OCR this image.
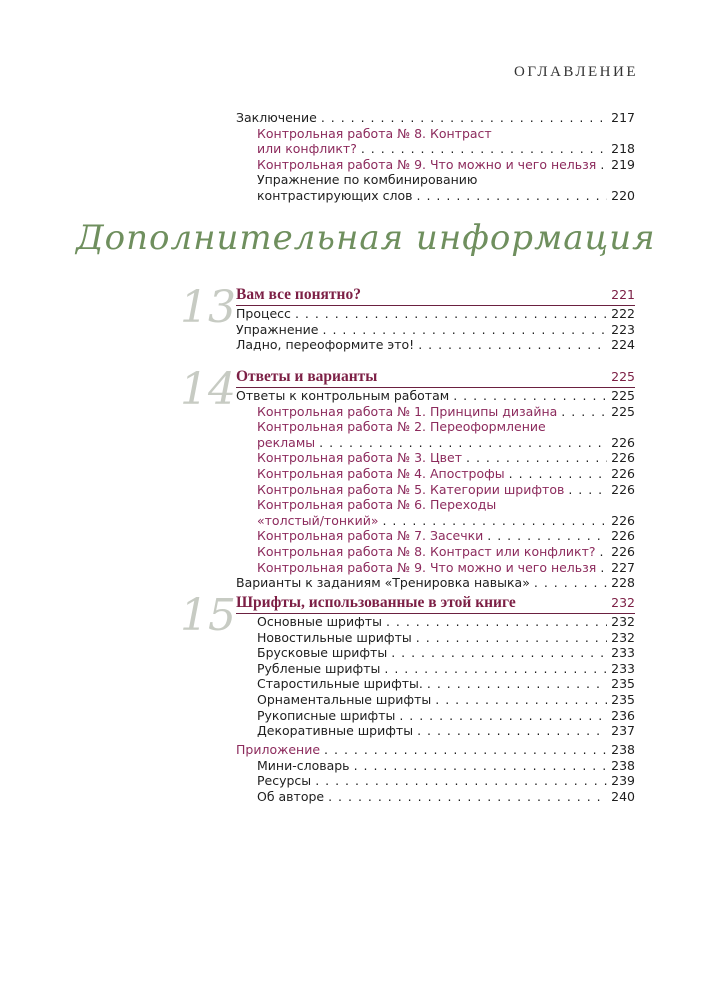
ОГЛАВЛЕНИЕ
Заключение . . .	217
Контрольная работа № 8. Контраст
или конфликт? . . .	218
Контрольная работа № 9. Что можно и чего нельзя . . . 219
Упражнение по комбинированию
контрастирующих слов . . .	220
Дополнительная информация
13 Вам все понятно?	221
Процесс . . .	222
Упражнение . . .	223
Ладно, переоформите это! . . .	224
14 Ответы и варианты	225
Ответы к контрольным работам . . .	225
Контрольная работа № 1. Принципы дизайна . . .	225
Контрольная работа № 2. Переоформление
рекламы . . .	226
Контрольная работа № 3. Цвет . . .	226
Контрольная работа № 4. Апострофы . . .	226
Контрольная работа № 5. Категории шрифтов . . .	226
Контрольная работа № 6. Переходы
«толстый/тонкий» . . .	226
Контрольная работа № 7. Засечки . . .	226
Контрольная работа № 8. Контраст или конфликт? . . . 226
Контрольная работа № 9. Что можно и чего нельзя . . . 227
Варианты к заданиям «Тренировка навыка» . . .	228
15 Шрифты, использованные в этой книге	232
Основные шрифты . . .	232
Новостильные шрифты . . .	232
Брусковые шрифты . . .	233
Рубленые шрифты . . .	233
Старостильные шрифты. . . .	235
Орнаментальные шрифты . . .	235
Рукописные шрифты . . .	236
Декоративные шрифты . . .	237
Приложение . . .	238
Мини-словарь . . .	238
Ресурсы . . .	239
Об авторе . . .	240
